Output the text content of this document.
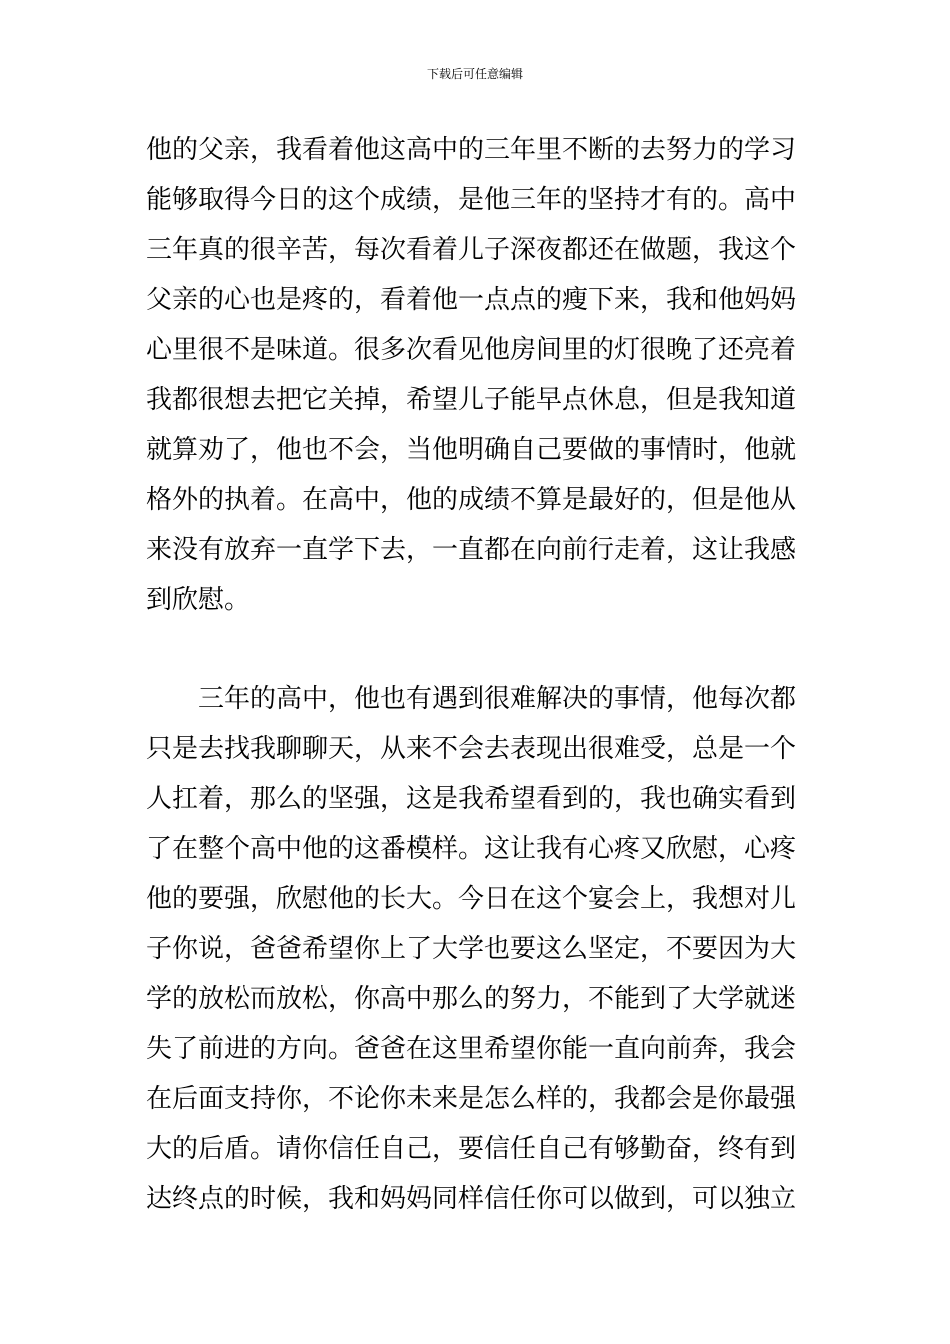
下载后可任意编辑
他的父亲，我看着他这高中的三年里不断的去努力的学习
能够取得今日的这个成绩，是他三年的坚持才有的。高中
三年真的很辛苦，每次看着儿子深夜都还在做题，我这个
父亲的心也是疼的，看着他一点点的瘦下来，我和他妈妈
心里很不是味道。很多次看见他房间里的灯很晚了还亮着
我都很想去把它关掉，希望儿子能早点休息，但是我知道
就算劝了，他也不会，当他明确自己要做的事情时，他就
格外的执着。在高中，他的成绩不算是最好的，但是他从
来没有放弃一直学下去，一直都在向前行走着，这让我感
到欣慰。
三年的高中，他也有遇到很难解决的事情，他每次都
只是去找我聊聊天，从来不会去表现出很难受，总是一个
人扛着，那么的坚强，这是我希望看到的，我也确实看到
了在整个高中他的这番模样。这让我有心疼又欣慰，心疼
他的要强，欣慰他的长大。今日在这个宴会上，我想对儿
子你说，爸爸希望你上了大学也要这么坚定，不要因为大
学的放松而放松，你高中那么的努力，不能到了大学就迷
失了前进的方向。爸爸在这里希望你能一直向前奔，我会
在后面支持你，不论你未来是怎么样的，我都会是你最强
大的后盾。请你信任自己，要信任自己有够勤奋，终有到
达终点的时候，我和妈妈同样信任你可以做到，可以独立
